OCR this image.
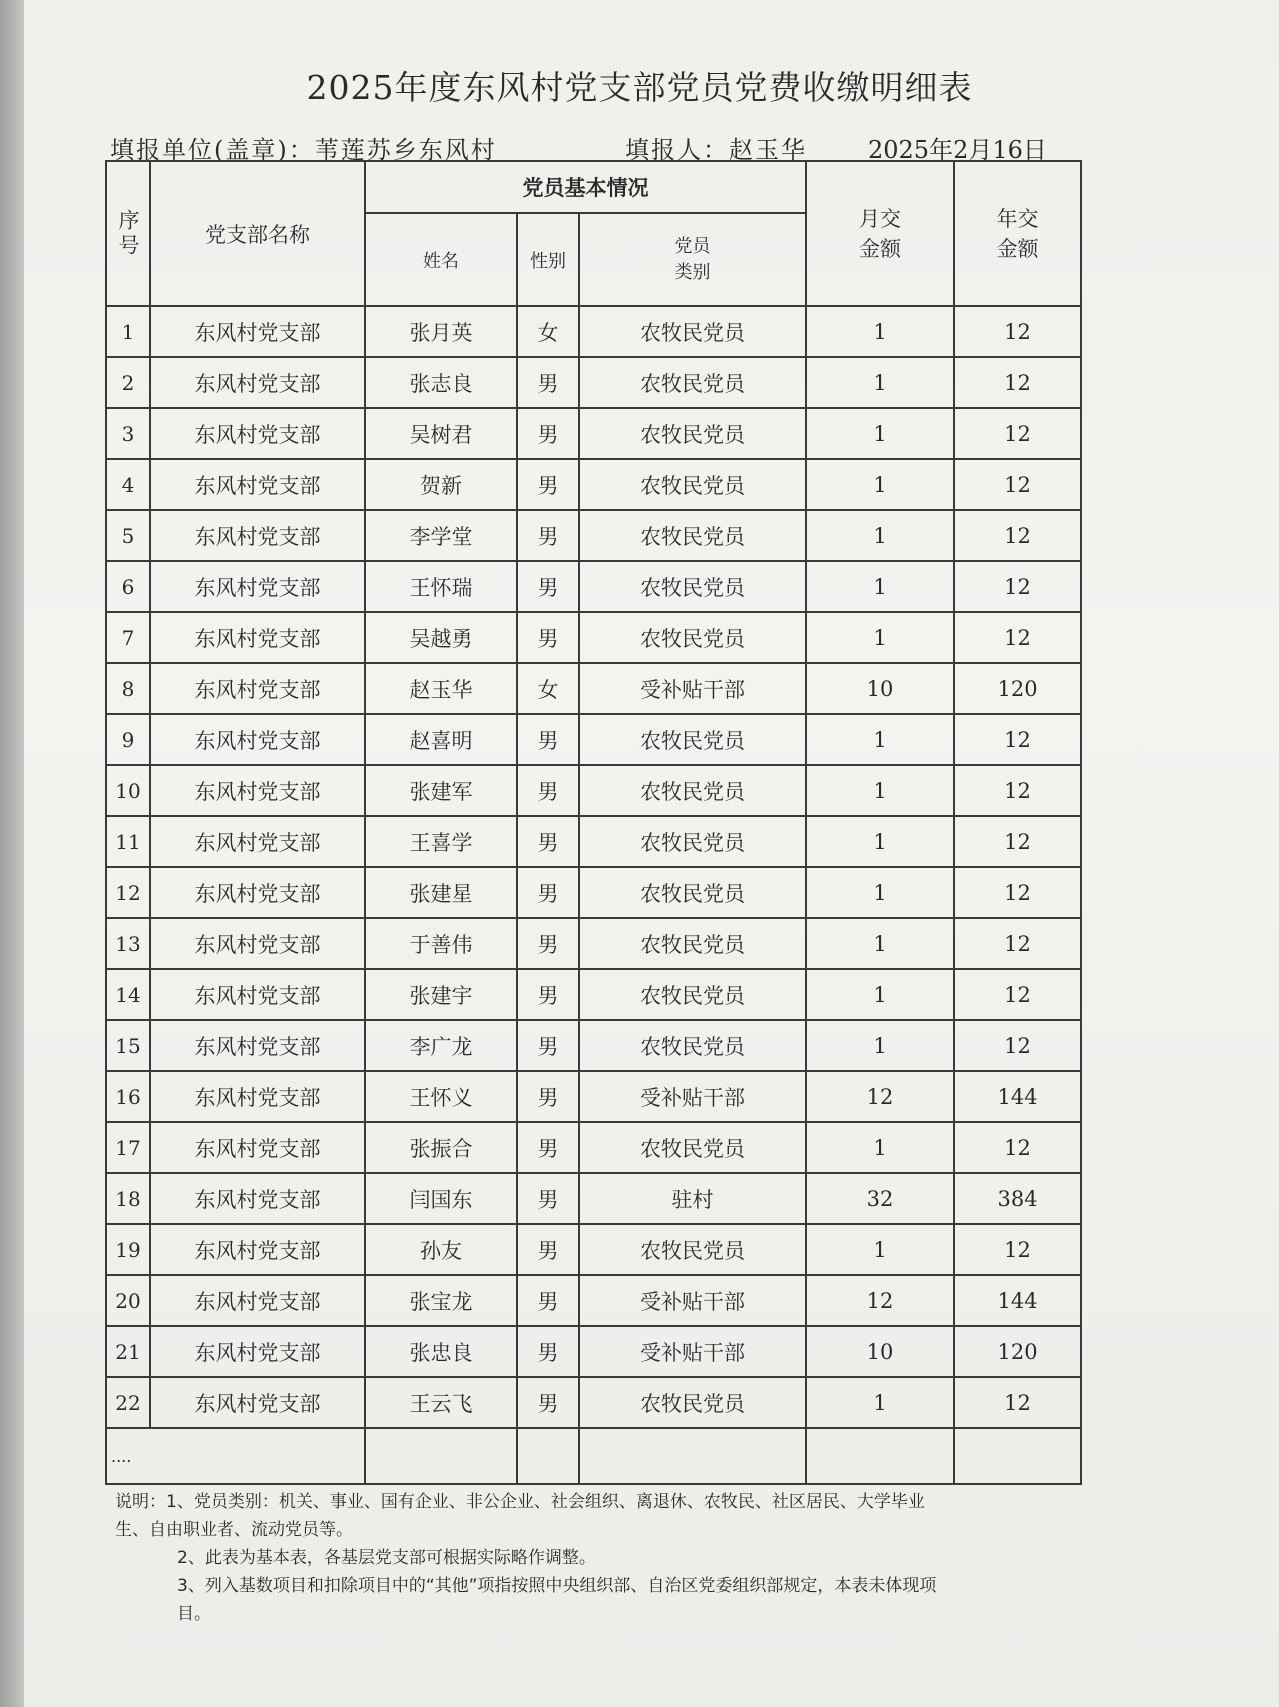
2025年度东风村党支部党员党费收缴明细表
填报单位(盖章)：苇莲苏乡东风村	填报人：赵玉华	2025年2月16日
序号	党支部名称	党员基本情况			月交金额	年交金额

		姓名	性别	党员类别		

1	东风村党支部	张月英	女	农牧民党员	1	12
2	东风村党支部	张志良	男	农牧民党员	1	12
3	东风村党支部	吴树君	男	农牧民党员	1	12
4	东风村党支部	贺新	男	农牧民党员	1	12
5	东风村党支部	李学堂	男	农牧民党员	1	12
6	东风村党支部	王怀瑞	男	农牧民党员	1	12
7	东风村党支部	吴越勇	男	农牧民党员	1	12
8	东风村党支部	赵玉华	女	受补贴干部	10	120
9	东风村党支部	赵喜明	男	农牧民党员	1	12
10	东风村党支部	张建军	男	农牧民党员	1	12
11	东风村党支部	王喜学	男	农牧民党员	1	12
12	东风村党支部	张建星	男	农牧民党员	1	12
13	东风村党支部	于善伟	男	农牧民党员	1	12
14	东风村党支部	张建宇	男	农牧民党员	1	12
15	东风村党支部	李广龙	男	农牧民党员	1	12
16	东风村党支部	王怀义	男	受补贴干部	12	144
17	东风村党支部	张振合	男	农牧民党员	1	12
18	东风村党支部	闫国东	男	驻村	32	384
19	东风村党支部	孙友	男	农牧民党员	1	12
20	东风村党支部	张宝龙	男	受补贴干部	12	144
21	东风村党支部	张忠良	男	受补贴干部	10	120
22	东风村党支部	王云飞	男	农牧民党员	1	12
....						
说明：1、党员类别：机关、事业、国有企业、非公企业、社会组织、离退休、农牧民、社区居民、大学毕业生、自由职业者、流动党员等。
2、此表为基本表，各基层党支部可根据实际略作调整。
3、列入基数项目和扣除项目中的“其他”项指按照中央组织部、自治区党委组织部规定，本表未体现项目。
